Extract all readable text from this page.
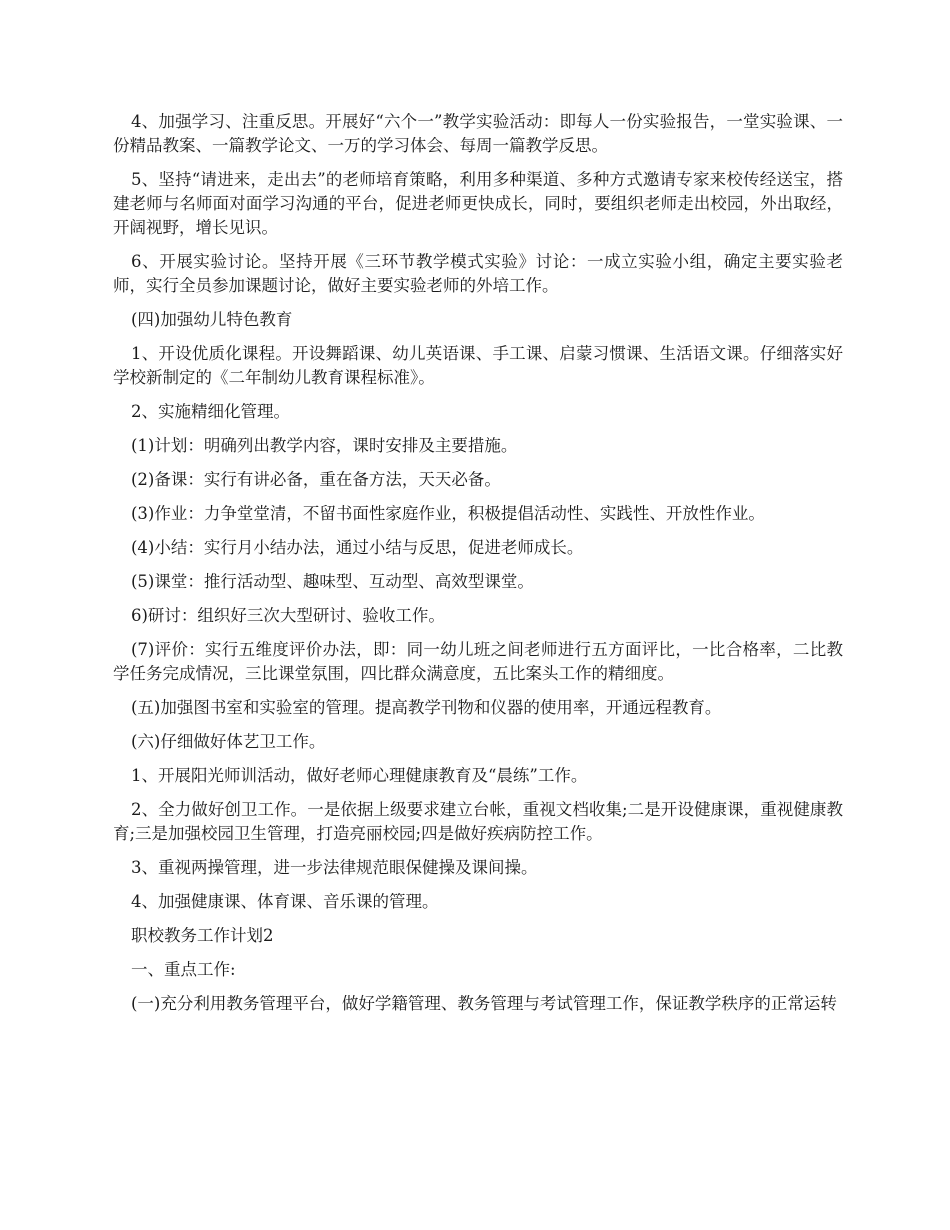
4、加强学习、注重反思。开展好“六个一”教学实验活动：即每人一份实验报告，一堂实验课、一份精品教案、一篇教学论文、一万的学习体会、每周一篇教学反思。

5、坚持“请进来，走出去”的老师培育策略，利用多种渠道、多种方式邀请专家来校传经送宝，搭建老师与名师面对面学习沟通的平台，促进老师更快成长，同时，要组织老师走出校园，外出取经，开阔视野，增长见识。

6、开展实验讨论。坚持开展《三环节教学模式实验》讨论：一成立实验小组，确定主要实验老师，实行全员参加课题讨论，做好主要实验老师的外培工作。

(四)加强幼儿特色教育

1、开设优质化课程。开设舞蹈课、幼儿英语课、手工课、启蒙习惯课、生活语文课。仔细落实好学校新制定的《二年制幼儿教育课程标准》。

2、实施精细化管理。

(1)计划：明确列出教学内容，课时安排及主要措施。

(2)备课：实行有讲必备，重在备方法，天天必备。

(3)作业：力争堂堂清，不留书面性家庭作业，积极提倡活动性、实践性、开放性作业。

(4)小结：实行月小结办法，通过小结与反思，促进老师成长。

(5)课堂：推行活动型、趣味型、互动型、高效型课堂。

6)研讨：组织好三次大型研讨、验收工作。

(7)评价：实行五维度评价办法，即：同一幼儿班之间老师进行五方面评比，一比合格率，二比教学任务完成情况，三比课堂氛围，四比群众满意度，五比案头工作的精细度。

(五)加强图书室和实验室的管理。提高教学刊物和仪器的使用率，开通远程教育。

(六)仔细做好体艺卫工作。

1、开展阳光师训活动，做好老师心理健康教育及“晨练”工作。

2、全力做好创卫工作。一是依据上级要求建立台帐，重视文档收集;二是开设健康课，重视健康教育;三是加强校园卫生管理，打造亮丽校园;四是做好疾病防控工作。

3、重视两操管理，进一步法律规范眼保健操及课间操。

4、加强健康课、体育课、音乐课的管理。

职校教务工作计划2

一、重点工作:

(一)充分利用教务管理平台，做好学籍管理、教务管理与考试管理工作，保证教学秩序的正常运转
